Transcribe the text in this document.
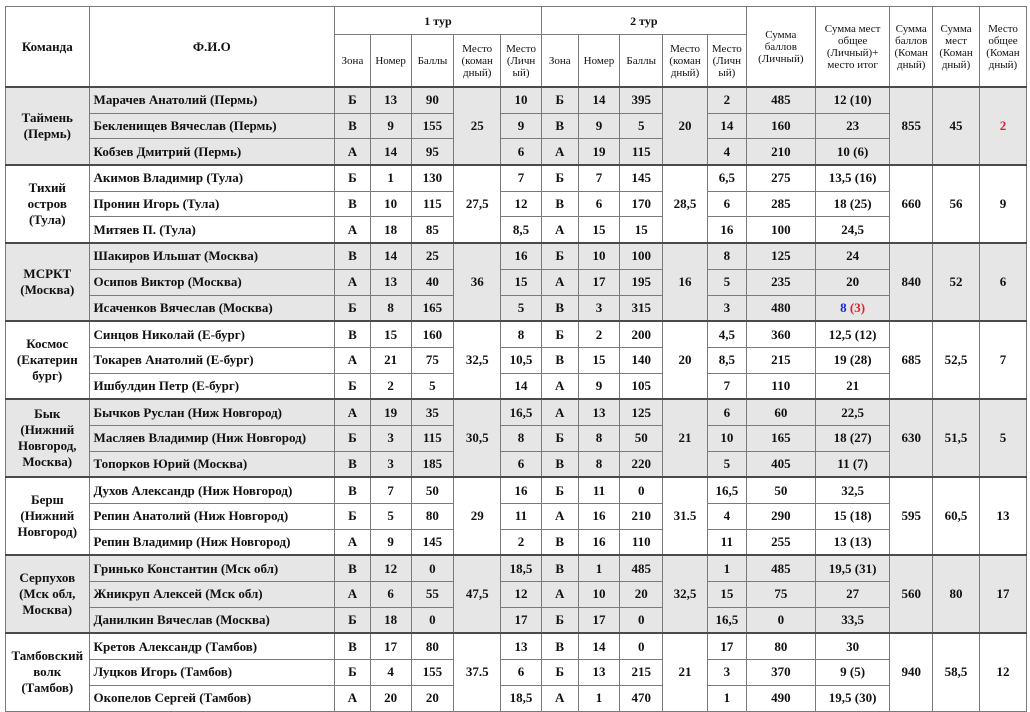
Команда	Ф.И.О	1 тур					2 тур					Сумма баллов (Личный)	Сумма мест общее (Личный)+ место итог	Сумма баллов (Коман дный)	Сумма мест (Коман дный)	Место общее (Коман дный)
		Зона	Номер	Баллы	Место (коман дный)	Место (Личн ый)	Зона	Номер	Баллы	Место (коман дный)	Место (Личн ый)					
Таймень (Пермь)	Марачев Анатолий (Пермь)	Б	13	90	25	10	Б	14	395	20	2	485	12 (10)	855	45	2
	Бекленищев Вячеслав (Пермь)	В	9	155		9	В	9	5		14	160	23			
	Кобзев Дмитрий (Пермь)	А	14	95		6	А	19	115		4	210	10 (6)			
Тихий остров (Тула)	Акимов Владимир (Тула)	Б	1	130	27,5	7	Б	7	145	28,5	6,5	275	13,5 (16)	660	56	9
	Пронин Игорь (Тула)	В	10	115		12	В	6	170		6	285	18 (25)			
	Митяев П. (Тула)	А	18	85		8,5	А	15	15		16	100	24,5			
МСРКТ (Москва)	Шакиров Ильшат (Москва)	В	14	25	36	16	Б	10	100	16	8	125	24	840	52	6
	Осипов Виктор (Москва)	А	13	40		15	А	17	195		5	235	20			
	Исаченков Вячеслав (Москва)	Б	8	165		5	В	3	315		3	480	8 (3)			
Космос (Екатерин бург)	Синцов Николай (Е-бург)	В	15	160	32,5	8	Б	2	200	20	4,5	360	12,5 (12)	685	52,5	7
	Токарев Анатолий (Е-бург)	А	21	75		10,5	В	15	140		8,5	215	19 (28)			
	Ишбулдин Петр (Е-бург)	Б	2	5		14	А	9	105		7	110	21			
Бык (Нижний Новгород, Москва)	Бычков Руслан (Ниж Новгород)	А	19	35	30,5	16,5	А	13	125	21	6	60	22,5	630	51,5	5
	Масляев Владимир (Ниж Новгород)	Б	3	115		8	Б	8	50		10	165	18 (27)			
	Топорков Юрий (Москва)	В	3	185		6	В	8	220		5	405	11 (7)			
Берш (Нижний Новгород)	Духов Александр (Ниж Новгород)	В	7	50	29	16	Б	11	0	31.5	16,5	50	32,5	595	60,5	13
	Репин Анатолий (Ниж Новгород)	Б	5	80		11	А	16	210		4	290	15 (18)			
	Репин Владимир (Ниж Новгород)	А	9	145		2	В	16	110		11	255	13 (13)			
Серпухов (Мск обл, Москва)	Гринько Константин (Мск обл)	В	12	0	47,5	18,5	В	1	485	32,5	1	485	19,5 (31)	560	80	17
	Жникруп Алексей (Мск обл)	А	6	55		12	А	10	20		15	75	27			
	Данилкин Вячеслав (Москва)	Б	18	0		17	Б	17	0		16,5	0	33,5			
Тамбовский волк (Тамбов)	Кретов Александр (Тамбов)	В	17	80	37.5	13	В	14	0	21	17	80	30	940	58,5	12
	Луцков Игорь (Тамбов)	Б	4	155		6	Б	13	215		3	370	9 (5)			
	Окопелов Сергей (Тамбов)	А	20	20		18,5	А	1	470		1	490	19,5 (30)			
